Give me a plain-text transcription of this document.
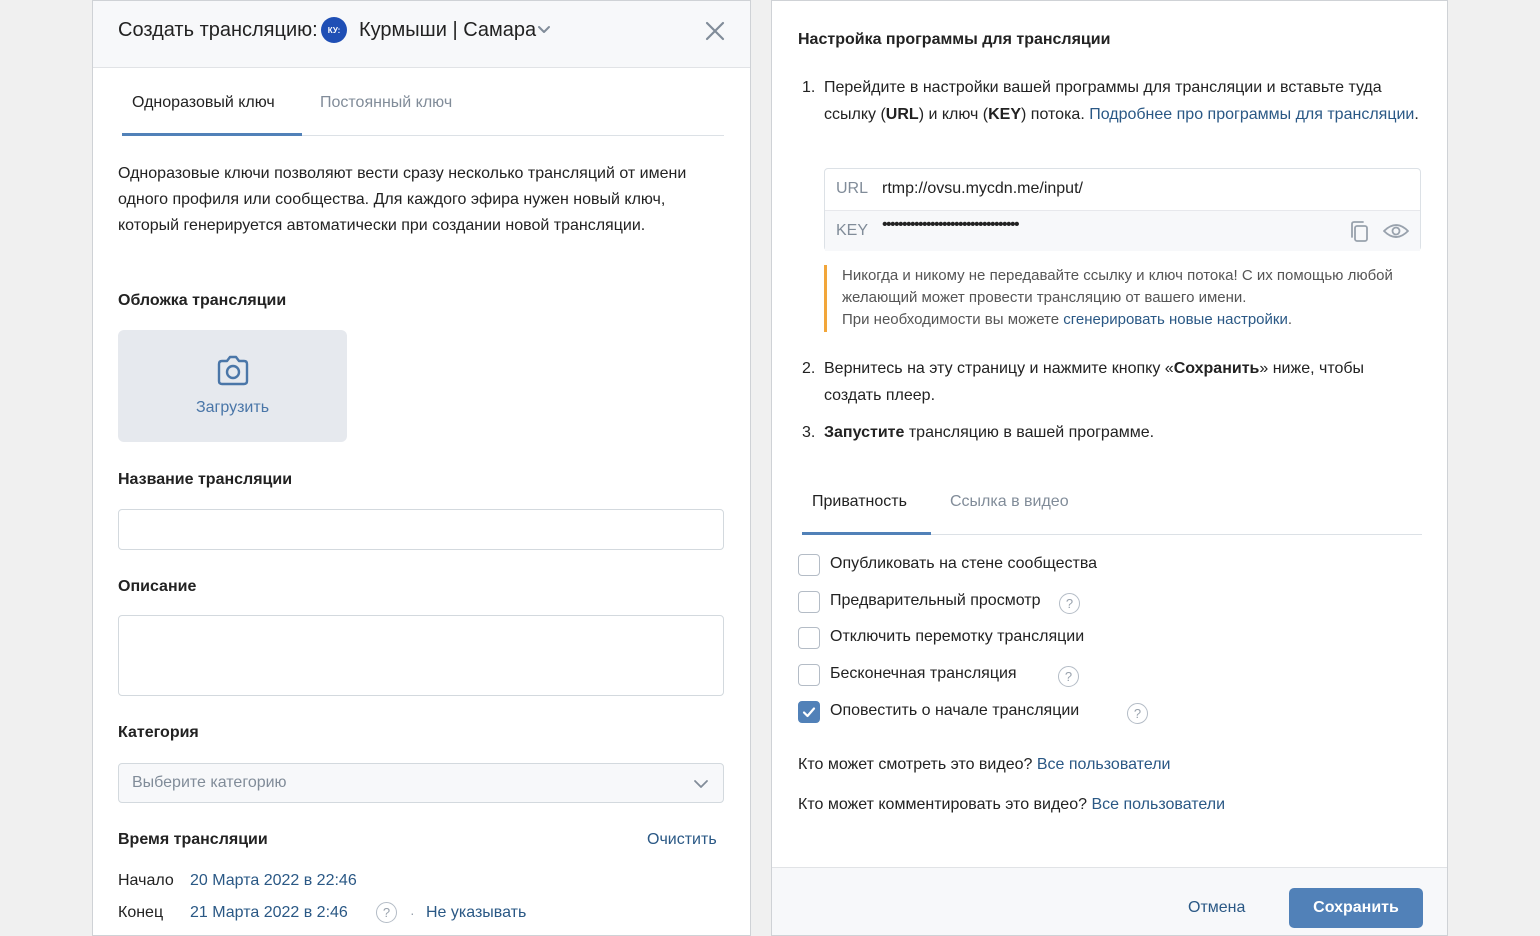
Создать трансляцию:	КУ: Курмыши | Самара
Одноразовый ключ	Постоянный ключ
Одноразовые ключи позволяют вести сразу несколько трансляций от имени одного профиля или сообщества. Для каждого эфира нужен новый ключ, который генерируется автоматически при создании новой трансляции.
Обложка трансляции
Загрузить
Название трансляции
Описание
Категория
Выберите категорию
Время трансляции	Очистить
Начало 20 Марта 2022 в 22:46
Конец 21 Марта 2022 в 2:46	?	· Не указывать
Настройка программы для трансляции
1. Перейдите в настройки вашей программы для трансляции и вставьте туда ссылку (URL) и ключ (KEY) потока. Подробнее про программы для трансляции.
URL rtmp://ovsu.mycdn.me/input/
KEY ••••••••••••••••••••••••••••••••••
Никогда и никому не передавайте ссылку и ключ потока! С их помощью любой желающий может провести трансляцию от вашего имени.
При необходимости вы можете сгенерировать новые настройки.
2. Вернитесь на эту страницу и нажмите кнопку «Сохранить» ниже, чтобы создать плеер.
3. Запустите трансляцию в вашей программе.
Приватность	Ссылка в видео
Опубликовать на стене сообщества
Предварительный просмотр	?
Отключить перемотку трансляции
Бесконечная трансляция	?
Оповестить о начале трансляции	?
Кто может смотреть это видео? Все пользователи
Кто может комментировать это видео? Все пользователи
Отмена	Сохранить
